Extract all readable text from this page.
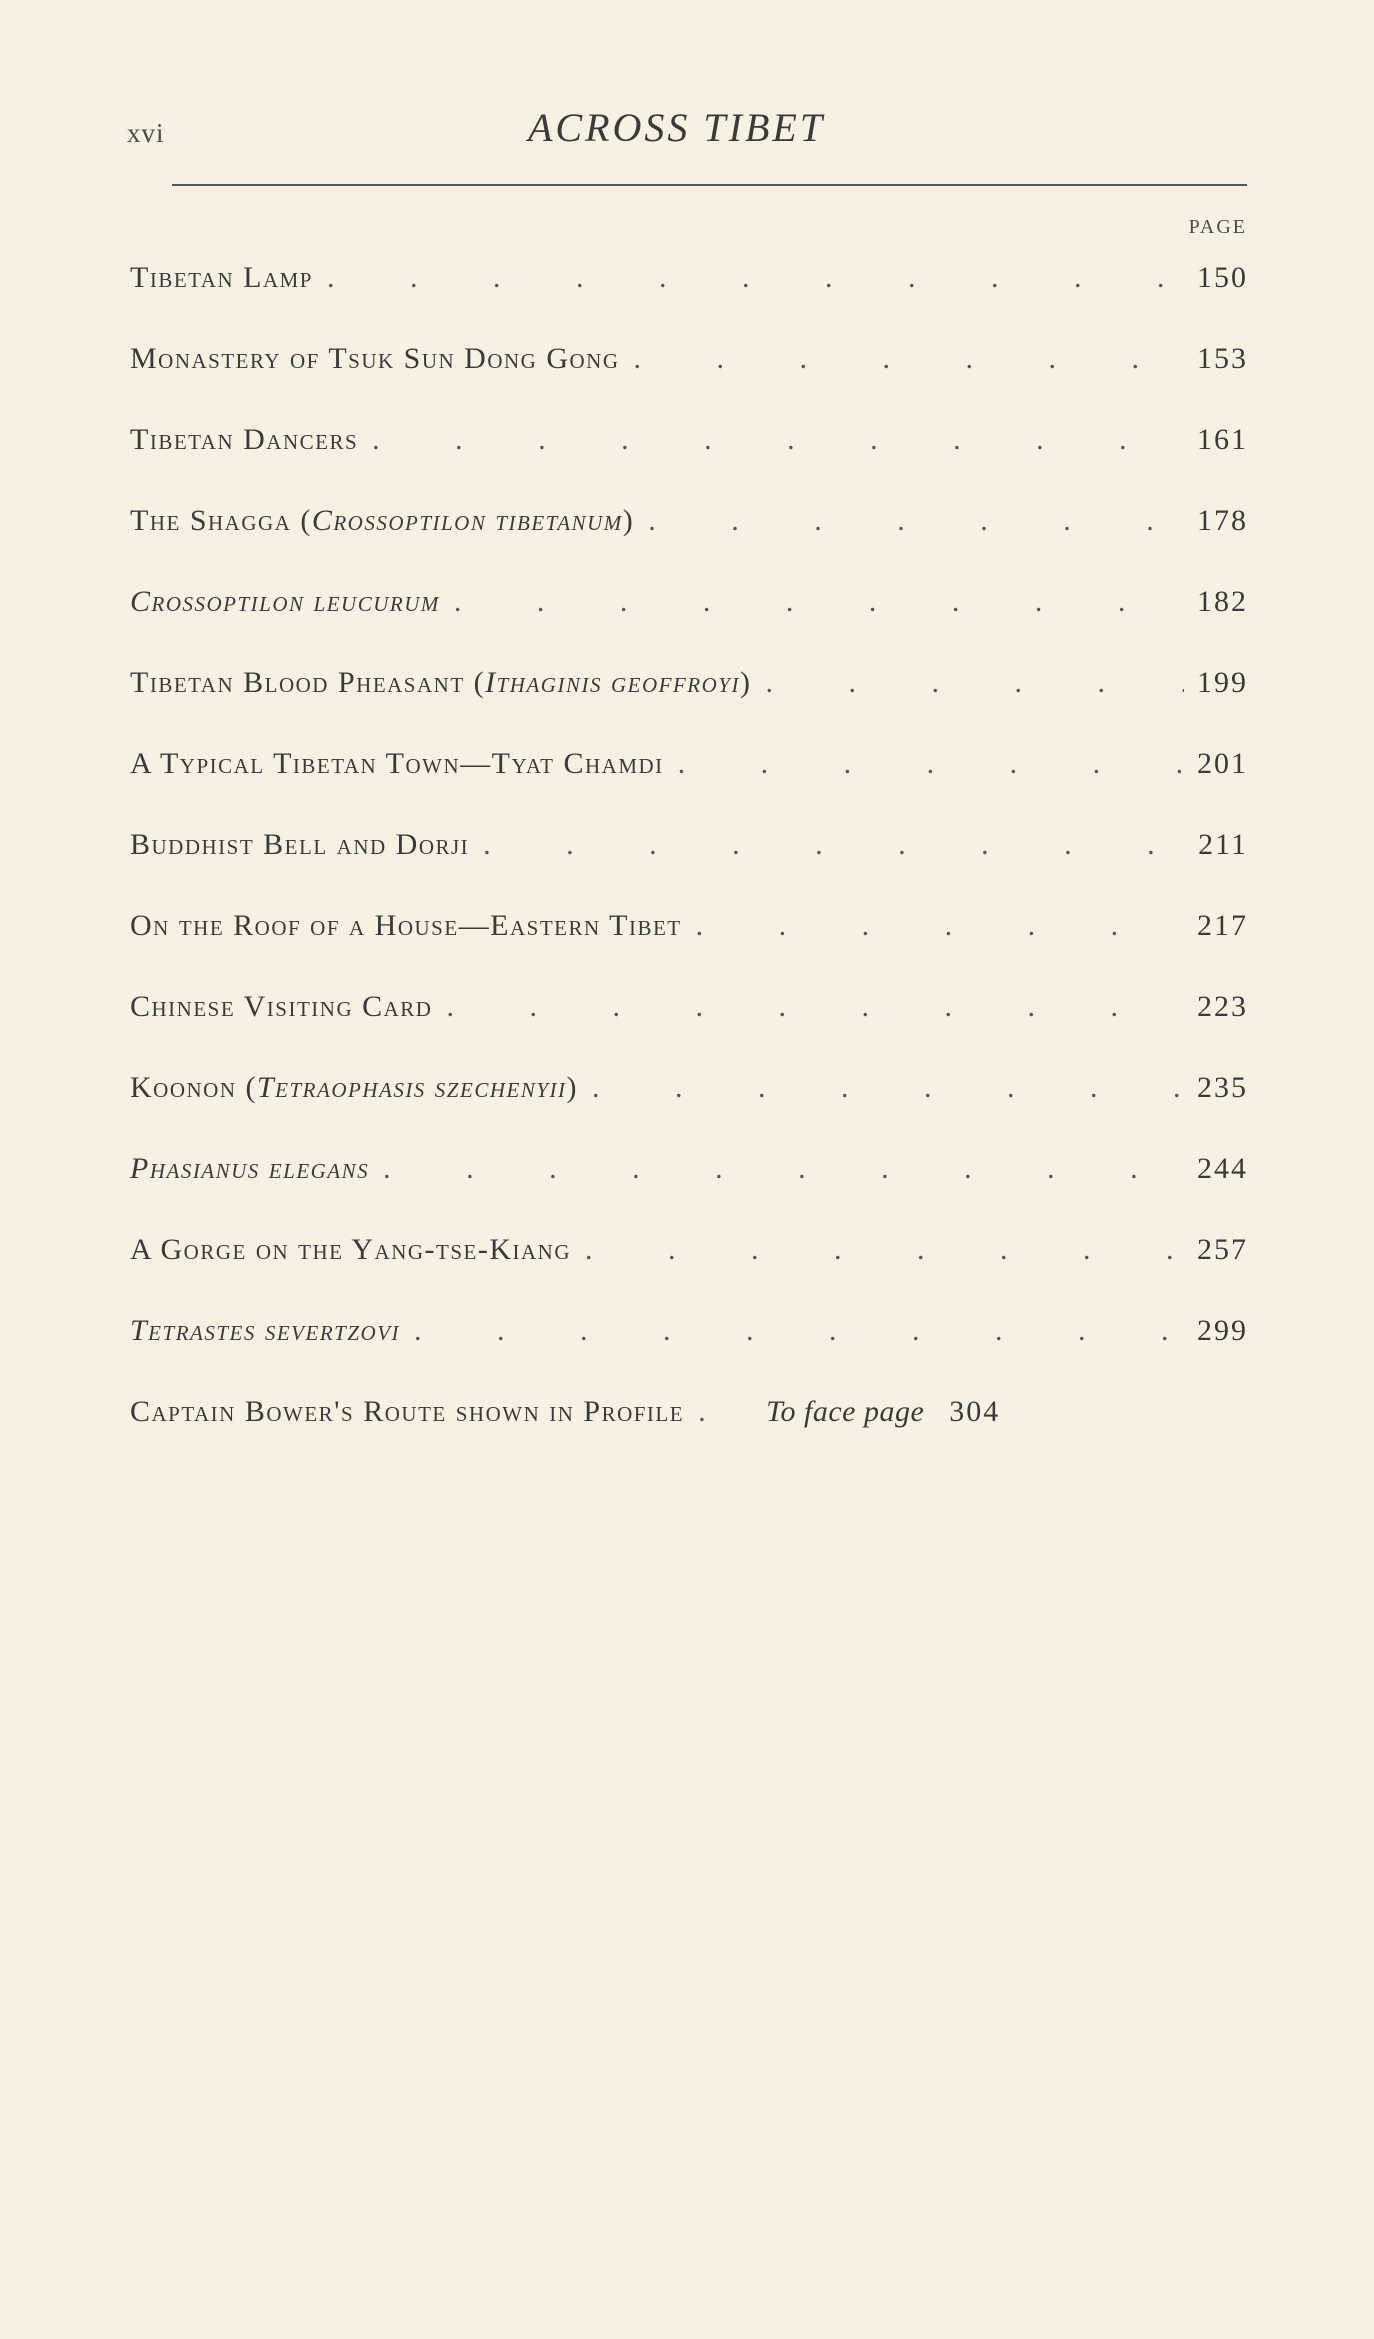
xvi	ACROSS TIBET
PAGE
Tibetan Lamp . . .	150
Monastery of Tsuk Sun Dong Gong . . .	153
Tibetan Dancers . . .	161
The Shagga (Crossoptilon tibetanum) . . .	178
Crossoptilon leucurum . . .	182
Tibetan Blood Pheasant (Ithaginis geoffroyi) . . .	199
A Typical Tibetan Town—Tyat Chamdi . . .	201
Buddhist Bell and Dorji . . .	211
On the Roof of a House—Eastern Tibet . . .	217
Chinese Visiting Card . . .	223
Koonon (Tetraophasis szechenyii) . . .	235
Phasianus elegans . . .	244
A Gorge on the Yang-tse-Kiang . . .	257
Tetrastes severtzovi . . .	299
Captain Bower's Route shown in Profile . . .	To face page 304
